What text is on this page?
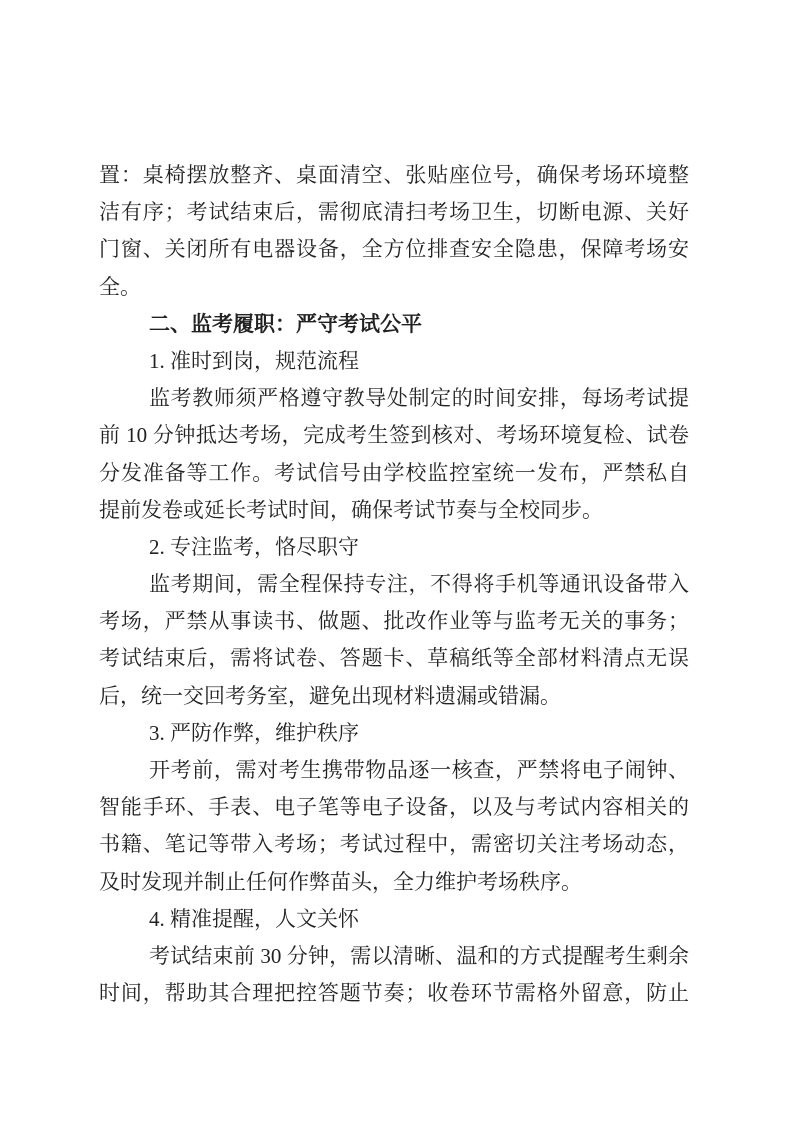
置：桌椅摆放整齐、桌面清空、张贴座位号，确保考场环境整
洁有序；考试结束后，需彻底清扫考场卫生，切断电源、关好
门窗、关闭所有电器设备，全方位排查安全隐患，保障考场安
全。
二、监考履职：严守考试公平
1. 准时到岗，规范流程
监考教师须严格遵守教导处制定的时间安排，每场考试提
前 10 分钟抵达考场，完成考生签到核对、考场环境复检、试卷
分发准备等工作。考试信号由学校监控室统一发布，严禁私自
提前发卷或延长考试时间，确保考试节奏与全校同步。
2. 专注监考，恪尽职守
监考期间，需全程保持专注，不得将手机等通讯设备带入
考场，严禁从事读书、做题、批改作业等与监考无关的事务；
考试结束后，需将试卷、答题卡、草稿纸等全部材料清点无误
后，统一交回考务室，避免出现材料遗漏或错漏。
3. 严防作弊，维护秩序
开考前，需对考生携带物品逐一核查，严禁将电子闹钟、
智能手环、手表、电子笔等电子设备，以及与考试内容相关的
书籍、笔记等带入考场；考试过程中，需密切关注考场动态，
及时发现并制止任何作弊苗头，全力维护考场秩序。
4. 精准提醒，人文关怀
考试结束前 30 分钟，需以清晰、温和的方式提醒考生剩余
时间，帮助其合理把控答题节奏；收卷环节需格外留意，防止
